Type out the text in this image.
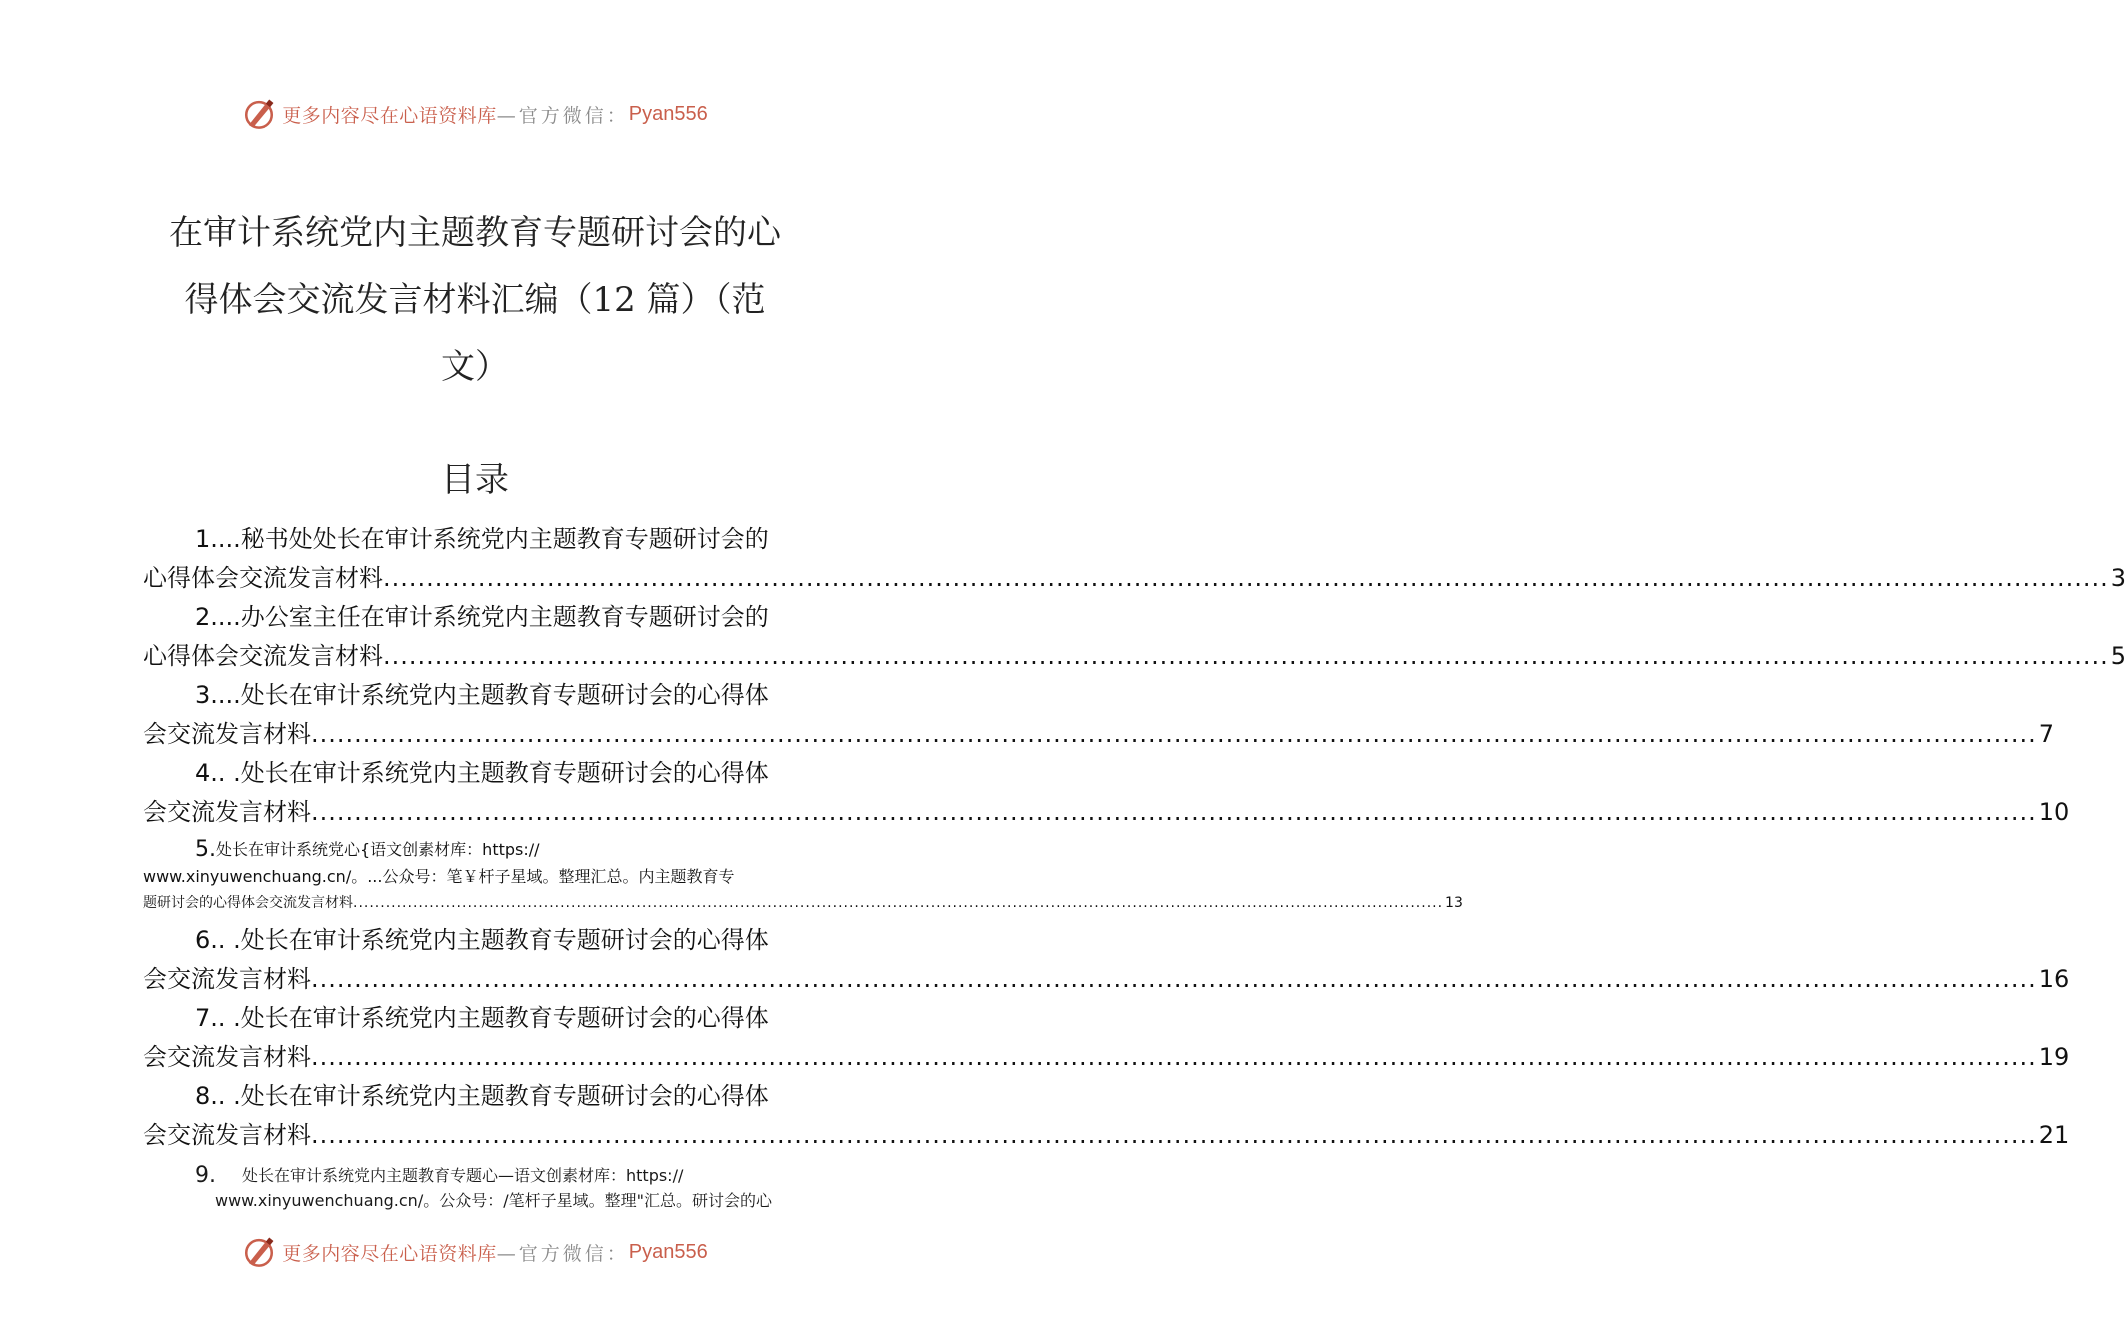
更多内容尽在心语资料库 —官方微信： Pyan556
在审计系统党内主题教育专题研讨会的心
得体会交流发言材料汇编（12 篇）（范
文）
目录
1....秘书处处长在审计系统党内主题教育专题研讨会的
心得体会交流发言材料 ........................................................................................................................................................................................................ 3
2....办公室主任在审计系统党内主题教育专题研讨会的
心得体会交流发言材料 ........................................................................................................................................................................................................ 5
3....处长在审计系统党内主题教育专题研讨会的心得体
会交流发言材料 ........................................................................................................................................................................................................ 7
4.. .处长在审计系统党内主题教育专题研讨会的心得体
会交流发言材料 ........................................................................................................................................................................................................ 10
5. 处长在审计系统党心{语文创素材库：https://
www.xinyuwenchuang.cn/。...公众号：笔￥杆子星域。整理汇总。内主题教育专
题研讨会的心得体会交流发言材料 ........................................................................................................................................................................................................ 13
6.. .处长在审计系统党内主题教育专题研讨会的心得体
会交流发言材料 ........................................................................................................................................................................................................ 16
7.. .处长在审计系统党内主题教育专题研讨会的心得体
会交流发言材料 ........................................................................................................................................................................................................ 19
8.. .处长在审计系统党内主题教育专题研讨会的心得体
会交流发言材料 ........................................................................................................................................................................................................ 21
9. 处长在审计系统党内主题教育专题心—语文创素材库：https://
www.xinyuwenchuang.cn/。公众号：/笔杆子星域。整理"汇总。研讨会的心
更多内容尽在心语资料库 —官方微信： Pyan556
